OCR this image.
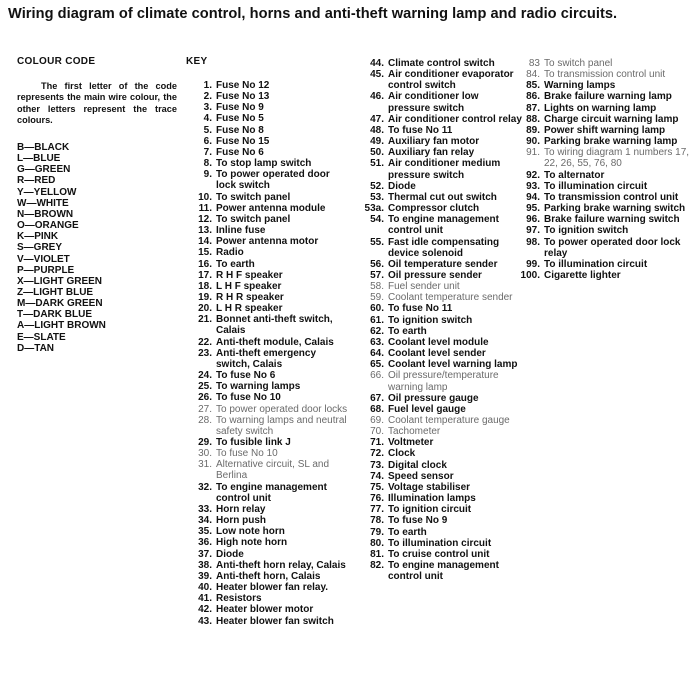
Wiring diagram of climate control, horns and anti-theft warning lamp and radio circuits.
COLOUR CODE
The first letter of the code represents the main wire colour, the other letters represent the trace colours.
B—BLACK
L—BLUE
G—GREEN
R—RED
Y—YELLOW
W—WHITE
N—BROWN
O—ORANGE
K—PINK
S—GREY
V—VIOLET
P—PURPLE
X—LIGHT GREEN
Z—LIGHT BLUE
M—DARK GREEN
T—DARK BLUE
A—LIGHT BROWN
E—SLATE
D—TAN
KEY
1. Fuse No 12
2. Fuse No 13
3. Fuse No 9
4. Fuse No 5
5. Fuse No 8
6. Fuse No 15
7. Fuse No 6
8. To stop lamp switch
9. To power operated door lock switch
10. To switch panel
11. Power antenna module
12. To switch panel
13. Inline fuse
14. Power antenna motor
15. Radio
16. To earth
17. R H F speaker
18. L H F speaker
19. R H R speaker
20. L H R speaker
21. Bonnet anti-theft switch, Calais
22. Anti-theft module, Calais
23. Anti-theft emergency switch, Calais
24. To fuse No 6
25. To warning lamps
26. To fuse No 10
27. To power operated door locks
28. To warning lamps and neutral safety switch
29. To fusible link J
30. To fuse No 10
31. Alternative circuit, SL and Berlina
32. To engine management control unit
33. Horn relay
34. Horn push
35. Low note horn
36. High note horn
37. Diode
38. Anti-theft horn relay, Calais
39. Anti-theft horn, Calais
40. Heater blower fan relay.
41. Resistors
42. Heater blower motor
43. Heater blower fan switch
44. Climate control switch
45. Air conditioner evaporator control switch
46. Air conditioner low pressure switch
47. Air conditioner control relay
48. To fuse No 11
49. Auxiliary fan motor
50. Auxiliary fan relay
51. Air conditioner medium pressure switch
52. Diode
53. Thermal cut out switch
53a. Compressor clutch
54. To engine management control unit
55. Fast idle compensating device solenoid
56. Oil temperature sender
57. Oil pressure sender
58. Fuel sender unit
59. Coolant temperature sender
60. To fuse No 11
61. To ignition switch
62. To earth
63. Coolant level module
64. Coolant level sender
65. Coolant level warning lamp
66. Oil pressure/temperature warning lamp
67. Oil pressure gauge
68. Fuel level gauge
69. Coolant temperature gauge
70. Tachometer
71. Voltmeter
72. Clock
73. Digital clock
74. Speed sensor
75. Voltage stabiliser
76. Illumination lamps
77. To ignition circuit
78. To fuse No 9
79. To earth
80. To illumination circuit
81. To cruise control unit
82. To engine management control unit
83 To switch panel
84. To transmission control unit
85. Warning lamps
86. Brake failure warning lamp
87. Lights on warning lamp
88. Charge circuit warning lamp
89. Power shift warning lamp
90. Parking brake warning lamp
91. To wiring diagram 1 numbers 17, 22, 26, 55, 76, 80
92. To alternator
93. To illumination circuit
94. To transmission control unit
95. Parking brake warning switch
96. Brake failure warning switch
97. To ignition switch
98. To power operated door lock relay
99. To illumination circuit
100. Cigarette lighter
